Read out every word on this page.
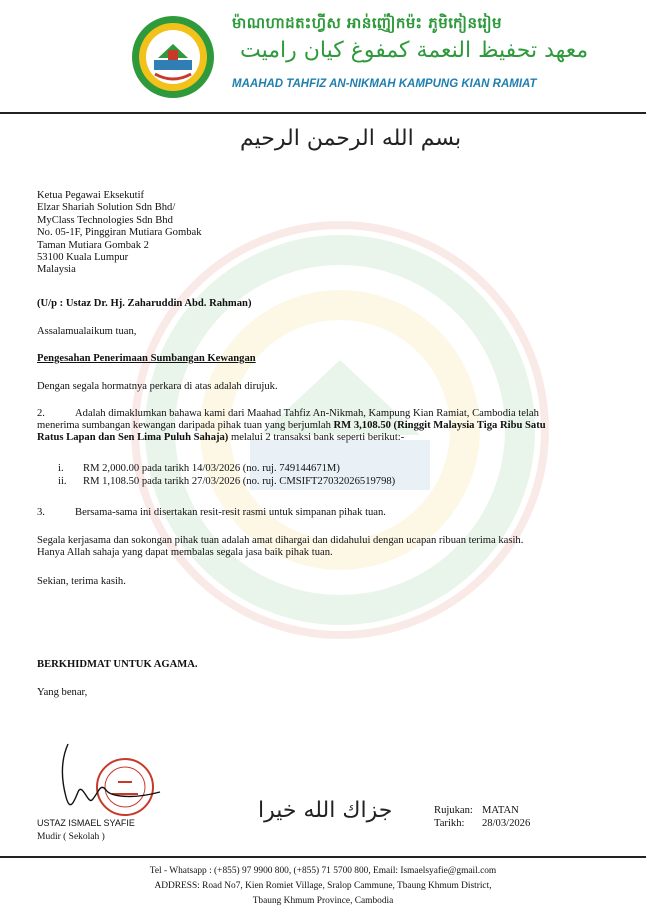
ម៉ាណហាដតះហ្វីស អាន់ញ៉ៀកម៉ះ ភូមិកៀនរៀម
معهد تحفيظ النعمة كمفوغ كيان راميت
MAAHAD TAHFIZ AN-NIKMAH KAMPUNG KIAN RAMIAT
بسم الله الرحمن الرحيم
Ketua Pegawai Eksekutif
Elzar Shariah Solution Sdn Bhd/
MyClass Technologies Sdn Bhd
No. 05-1F, Pinggiran Mutiara Gombak
Taman Mutiara Gombak 2
53100 Kuala Lumpur
Malaysia
(U/p : Ustaz Dr. Hj. Zaharuddin Abd. Rahman)
Assalamualaikum tuan,
Pengesahan Penerimaan Sumbangan Kewangan
Dengan segala hormatnya perkara di atas adalah dirujuk.
2.	Adalah dimaklumkan bahawa kami dari Maahad Tahfiz An-Nikmah, Kampung Kian Ramiat, Cambodia telah
menerima sumbangan kewangan daripada pihak tuan yang berjumlah RM 3,108.50 (Ringgit Malaysia Tiga Ribu Satu
Ratus Lapan dan Sen Lima Puluh Sahaja) melalui 2 transaksi bank seperti berikut:-
i. RM 2,000.00 pada tarikh 14/03/2026 (no. ruj. 749144671M)
ii. RM 1,108.50 pada tarikh 27/03/2026 (no. ruj. CMSIFT27032026519798)
3.	Bersama-sama ini disertakan resit-resit rasmi untuk simpanan pihak tuan.
Segala kerjasama dan sokongan pihak tuan adalah amat dihargai dan didahului dengan ucapan ribuan terima kasih.
Hanya Allah sahaja yang dapat membalas segala jasa baik pihak tuan.
Sekian, terima kasih.
BERKHIDMAT UNTUK AGAMA.
Yang benar,
USTAZ ISMAEL SYAFIE
Mudir ( Sekolah )
جزاك الله خيرا	Rujukan: MATAN
Tarikh: 28/03/2026
Tel - Whatsapp : (+855) 97 9900 800, (+855) 71 5700 800, Email: Ismaelsyafie@gmail.com
ADDRESS: Road No7, Kien Romiet Village, Sralop Cammune, Tbaung Khmum District,
Tbaung Khmum Province, Cambodia
